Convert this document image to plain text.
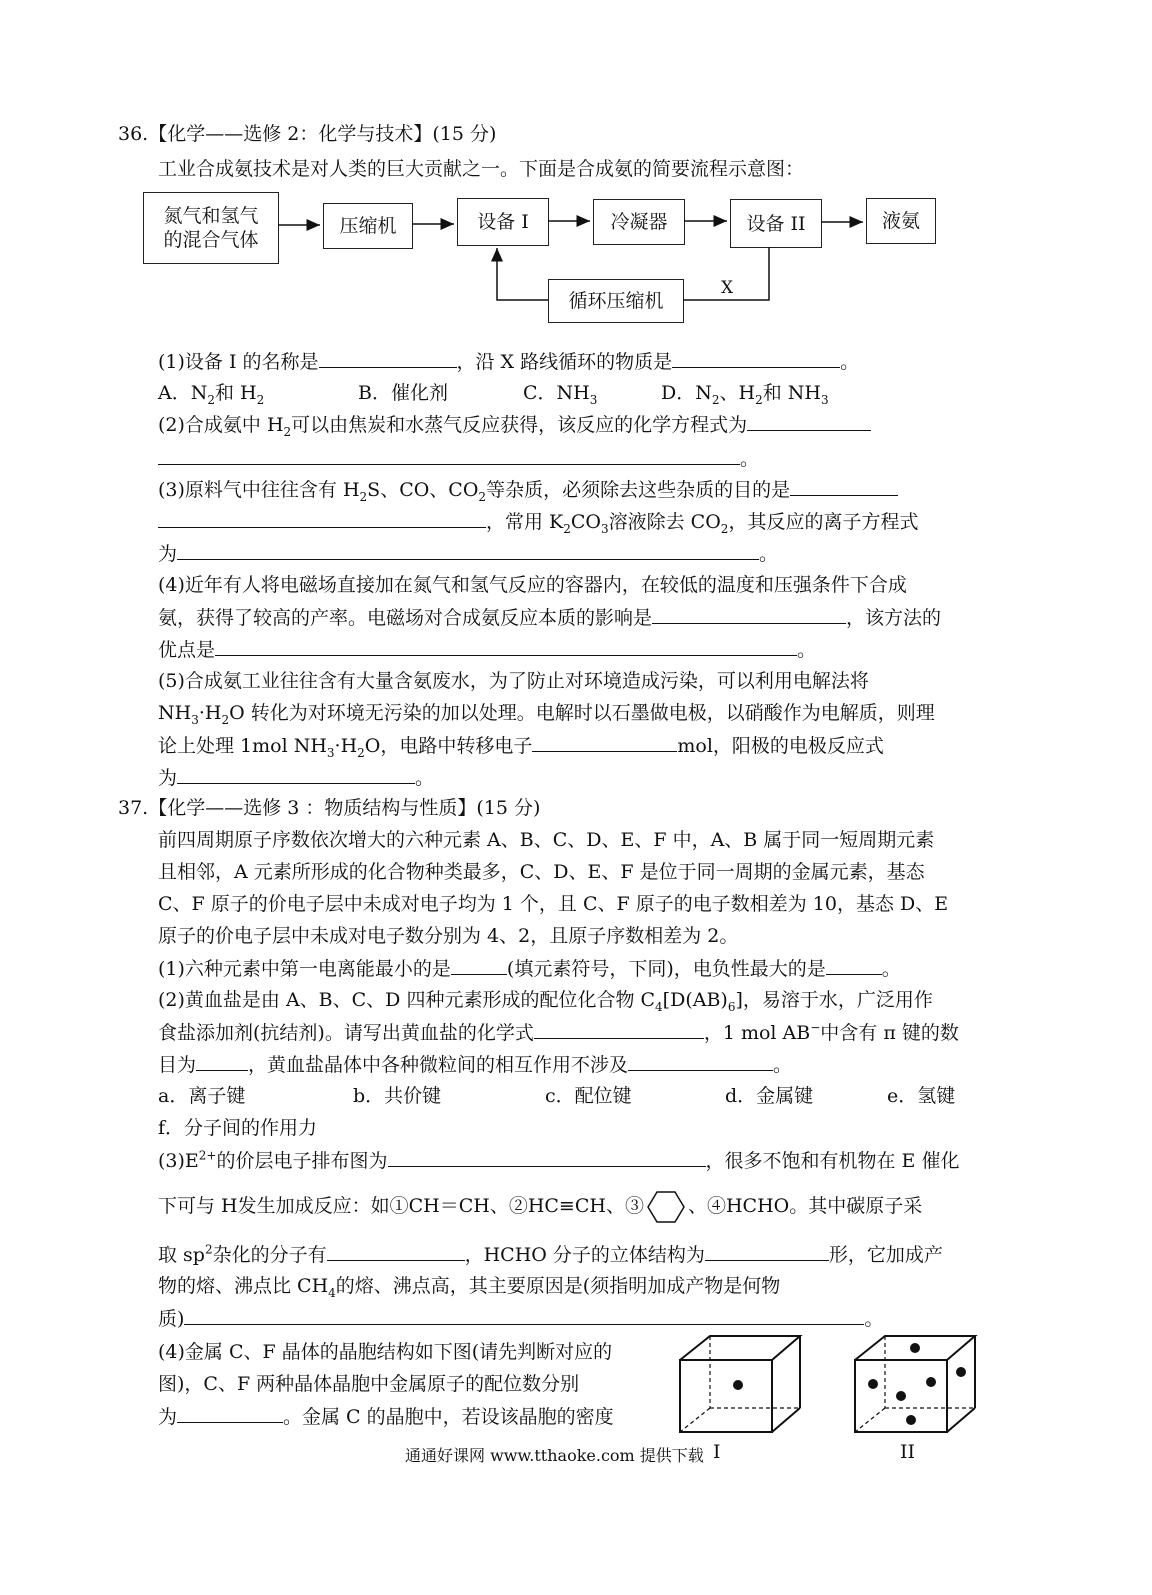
36.【化学——选修 2：化学与技术】(15 分)
工业合成氨技术是对人类的巨大贡献之一。下面是合成氨的简要流程示意图：
氮气和氢气
的混合气体
压缩机	设备 I	冷凝器	设备 II	液氨
循环压缩机
X
(1)设备 I 的名称是	，沿 X 路线循环的物质是	。
A．$N_2$和 $H_2$	B．催化剂	C．$NH_3$	D．$N_2$、$H_2$和 $NH_3$
(2)合成氨中 $H_2$可以由焦炭和水蒸气反应获得，该反应的化学方程式为
。
(3)原料气中往往含有 $H_2S$、CO、$CO_2$等杂质，必须除去这些杂质的目的是
，常用 $K_2CO_3$溶液除去 $CO_2$，其反应的离子方程式
为	。
(4)近年有人将电磁场直接加在氮气和氢气反应的容器内，在较低的温度和压强条件下合成
氨，获得了较高的产率。电磁场对合成氨反应本质的影响是	，该方法的
优点是	。
(5)合成氨工业往往含有大量含氨废水，为了防止对环境造成污染，可以利用电解法将
$NH_3\cdot H_2O$ 转化为对环境无污染的加以处理。电解时以石墨做电极，以硝酸作为电解质，则理
论上处理 1mol $NH_3\cdot H_2O$，电路中转移电子	mol，阳极的电极反应式
为	。
37.【化学——选修 3 ：物质结构与性质】(15 分)
前四周期原子序数依次增大的六种元素 A、B、C、D、E、F 中，A、B 属于同一短周期元素
且相邻，A 元素所形成的化合物种类最多，C、D、E、F 是位于同一周期的金属元素，基态
C、F 原子的价电子层中未成对电子均为 1 个，且 C、F 原子的电子数相差为 10，基态 D、E
原子的价电子层中未成对电子数分别为 4、2，且原子序数相差为 2。
(1)六种元素中第一电离能最小的是	(填元素符号，下同)，电负性最大的是	。
(2)黄血盐是由 A、B、C、D 四种元素形成的配位化合物 $C_4[D(AB)_6]$，易溶于水，广泛用作
食盐添加剂(抗结剂)。请写出黄血盐的化学式	，1 mol AB−中含有 π 键的数
目为	，黄血盐晶体中各种微粒间的相互作用不涉及	。
a．离子键	b．共价键	c．配位键	d．金属键	e．氢键
f．分子间的作用力
$(3)E^{2+}$的价层电子排布图为	，很多不饱和有机物在 E 催化
下可与 H发生加成反应：如①CH＝CH、②HC≡CH、③ 、④HCHO。其中碳原子采
取 $sp^2$杂化的分子有	，HCHO 分子的立体结构为	形，它加成产
物的熔、沸点比 $CH_4$的熔、沸点高，其主要原因是(须指明加成产物是何物
质)	。
(4)金属 C、F 晶体的晶胞结构如下图(请先判断对应的
图)，C、F 两种晶体晶胞中金属原子的配位数分别
为	。金属 C 的晶胞中，若设该晶胞的密度
I	II
通通好课网 www.tthaoke.com 提供下载
